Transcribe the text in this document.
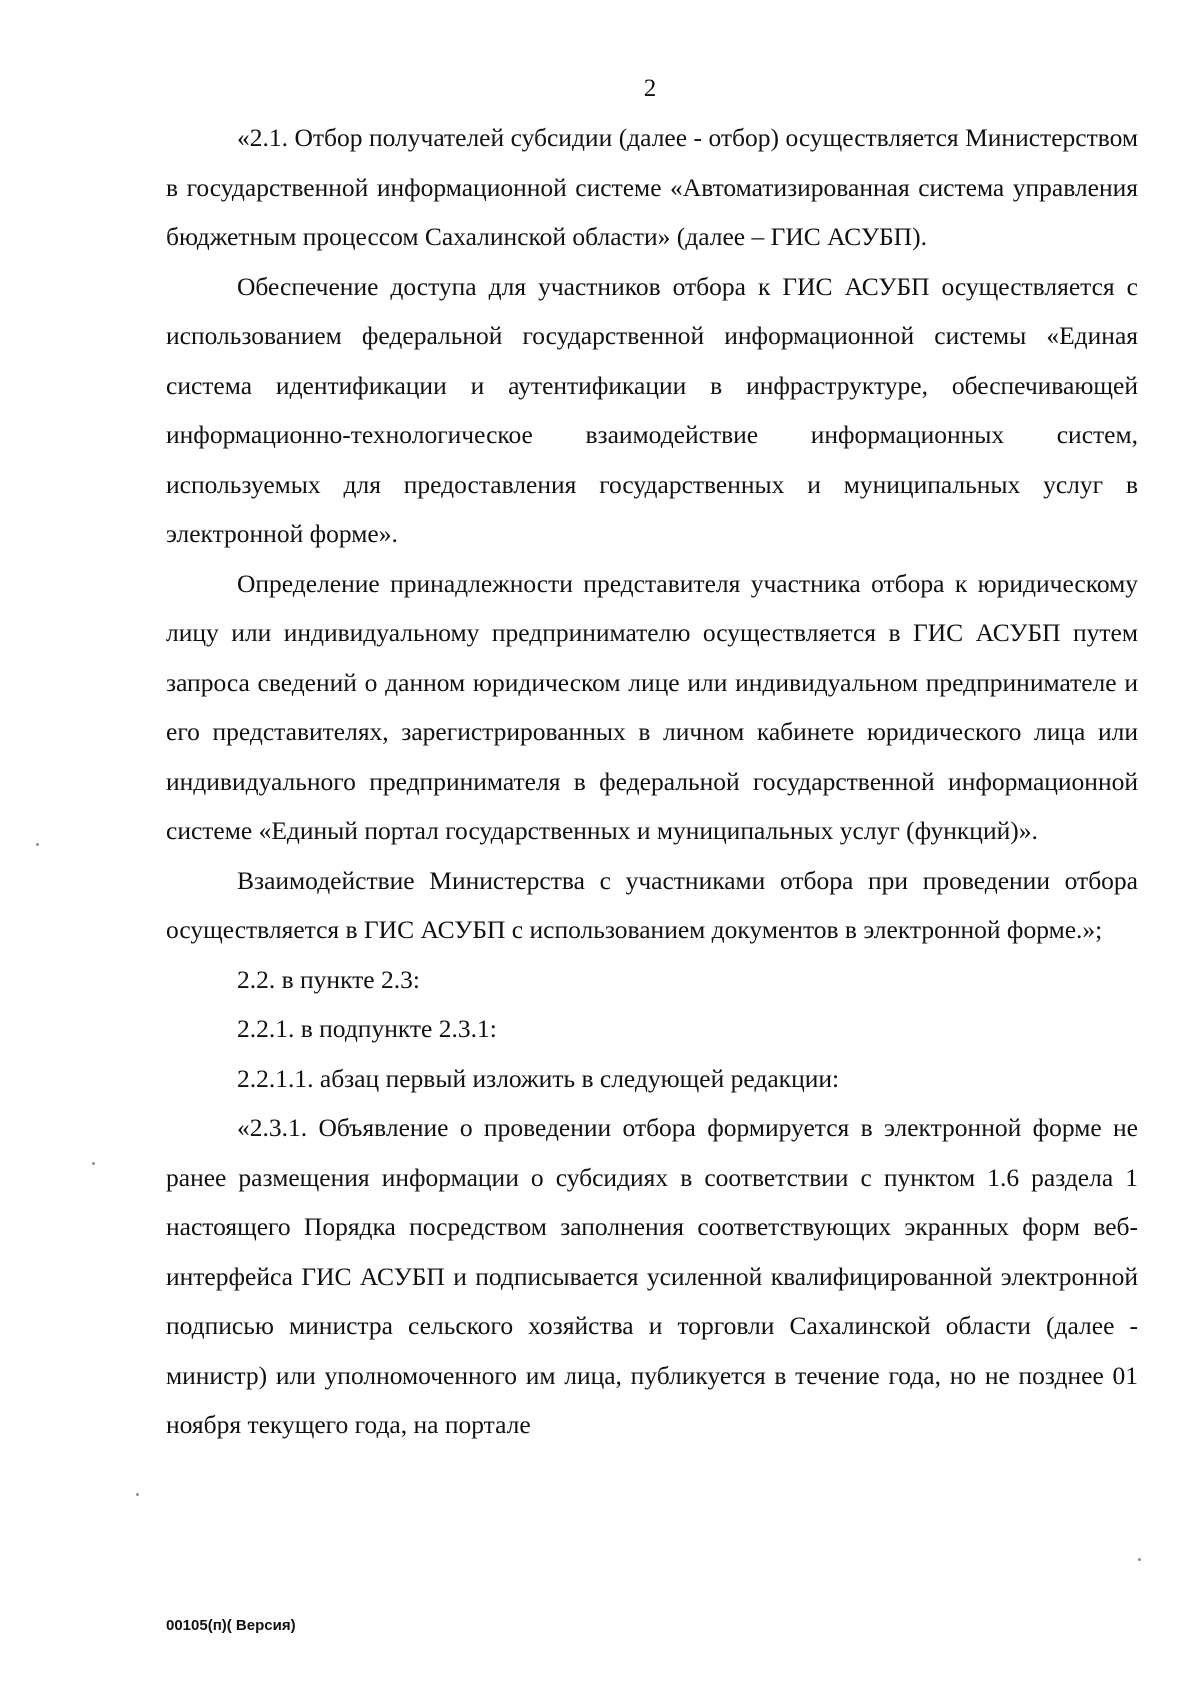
2

«2.1. Отбор получателей субсидии (далее - отбор) осуществляется Министерством в государственной информационной системе «Автоматизированная система управления бюджетным процессом Сахалинской области» (далее – ГИС АСУБП).

Обеспечение доступа для участников отбора к ГИС АСУБП осуществляется с использованием федеральной государственной информационной системы «Единая система идентификации и аутентификации в инфраструктуре, обеспечивающей информационно-технологическое взаимодействие информационных систем, используемых для предоставления государственных и муниципальных услуг в электронной форме».

Определение принадлежности представителя участника отбора к юридическому лицу или индивидуальному предпринимателю осуществляется в ГИС АСУБП путем запроса сведений о данном юридическом лице или индивидуальном предпринимателе и его представителях, зарегистрированных в личном кабинете юридического лица или индивидуального предпринимателя в федеральной государственной информационной системе «Единый портал государственных и муниципальных услуг (функций)».

Взаимодействие Министерства с участниками отбора при проведении отбора осуществляется в ГИС АСУБП с использованием документов в электронной форме.»;

2.2. в пункте 2.3:

2.2.1. в подпункте 2.3.1:

2.2.1.1. абзац первый изложить в следующей редакции:

«2.3.1. Объявление о проведении отбора формируется в электронной форме не ранее размещения информации о субсидиях в соответствии с пунктом 1.6 раздела 1 настоящего Порядка посредством заполнения соответствующих экранных форм веб-интерфейса ГИС АСУБП и подписывается усиленной квалифицированной электронной подписью министра сельского хозяйства и торговли Сахалинской области (далее - министр) или уполномоченного им лица, публикуется в течение года, но не позднее 01 ноября текущего года, на портале

00105(п)( Версия)
